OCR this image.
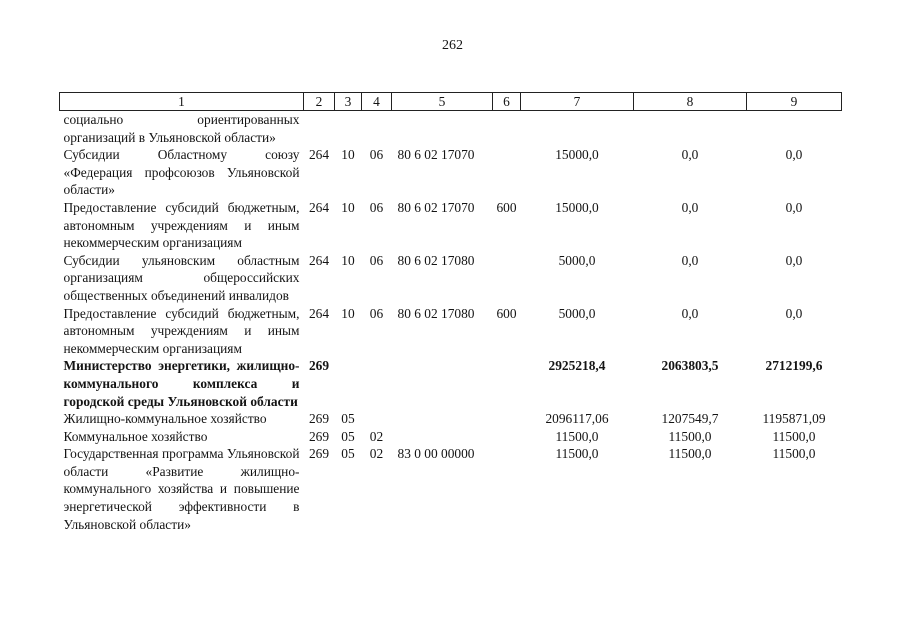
262
1	2	3	4	5	6	7	8	9
социально ориентированных организаций в Ульяновской области»								
Субсидии Областному союзу «Федерация профсоюзов Ульяновской области»	264	10	06	80 6 02 17070		15000,0	0,0	0,0
Предоставление субсидий бюджетным, автономным учреждениям и иным некоммерческим организациям	264	10	06	80 6 02 17070	600	15000,0	0,0	0,0
Субсидии ульяновским областным организациям общероссийских общественных объединений инвалидов	264	10	06	80 6 02 17080		5000,0	0,0	0,0
Предоставление субсидий бюджетным, автономным учреждениям и иным некоммерческим организациям	264	10	06	80 6 02 17080	600	5000,0	0,0	0,0
Министерство энергетики, жилищно-коммунального комплекса и городской среды Ульяновской области	269					2925218,4	2063803,5	2712199,6
Жилищно-коммунальное хозяйство	269	05				2096117,06	1207549,7	1195871,09
Коммунальное хозяйство	269	05	02			11500,0	11500,0	11500,0
Государственная программа Ульяновской области «Развитие жилищно-коммунального хозяйства и повышение энергетической эффективности в Ульяновской области»	269	05	02	83 0 00 00000		11500,0	11500,0	11500,0
